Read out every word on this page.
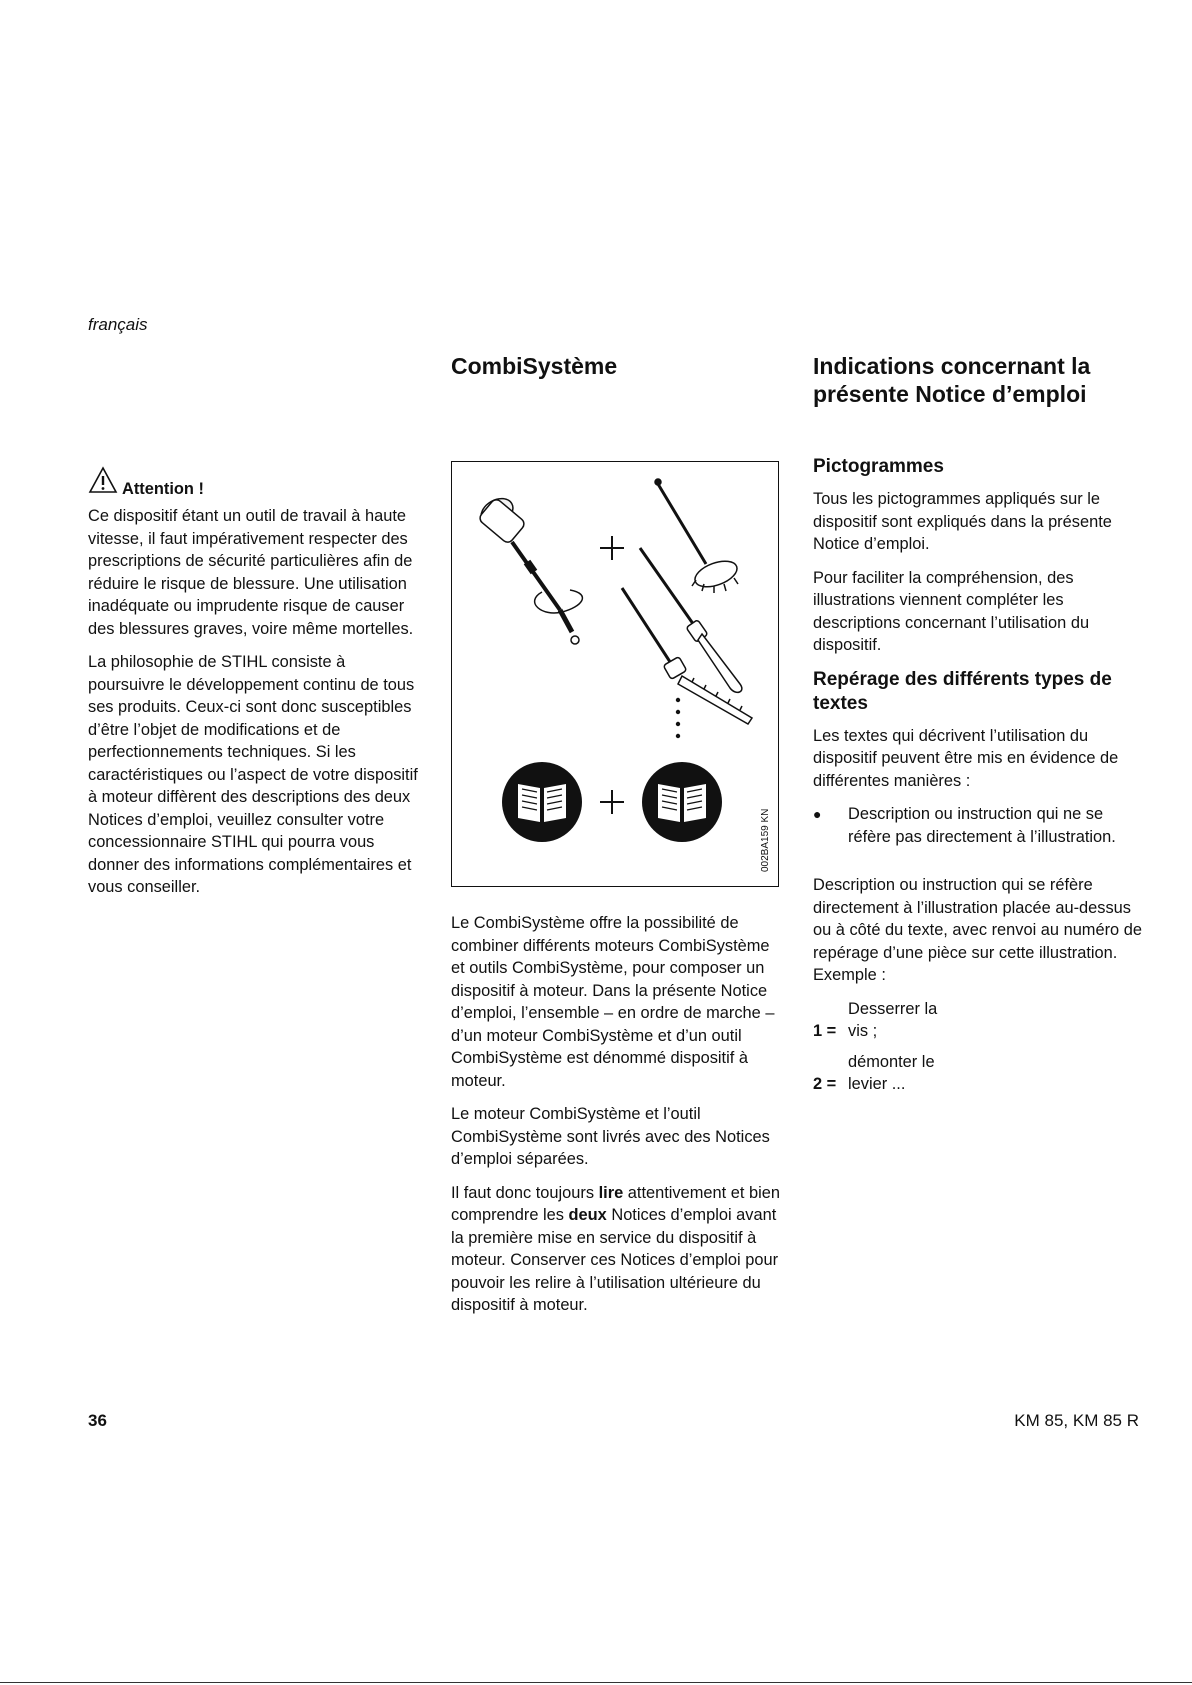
français
CombiSystème	Indications concernant la
présente Notice d’emploi
Attention !

Ce dispositif étant un outil de travail à haute vitesse, il faut impérativement respecter des prescriptions de sécurité particulières afin de réduire le risque de blessure. Une utilisation inadéquate ou imprudente risque de causer des blessures graves, voire même mortelles.

La philosophie de STIHL consiste à poursuivre le développement continu de tous ses produits. Ceux-ci sont donc susceptibles d’être l’objet de modifications et de perfectionnements techniques. Si les caractéristiques ou l’aspect de votre dispositif à moteur diffèrent des descriptions des deux Notices d’emploi, veuillez consulter votre concessionnaire STIHL qui pourra vous donner des informations complémentaires et vous conseiller.

002BA159 KN

Le CombiSystème offre la possibilité de combiner différents moteurs CombiSystème et outils CombiSystème, pour composer un dispositif à moteur. Dans la présente Notice d’emploi, l’ensemble – en ordre de marche – d’un moteur CombiSystème et d’un outil CombiSystème est dénommé dispositif à moteur.

Le moteur CombiSystème et l’outil CombiSystème sont livrés avec des Notices d’emploi séparées.

Il faut donc toujours lire attentivement et bien comprendre les deux Notices d’emploi avant la première mise en service du dispositif à moteur. Conserver ces Notices d’emploi pour pouvoir les relire à l’utilisation ultérieure du dispositif à moteur.

Pictogrammes

Tous les pictogrammes appliqués sur le dispositif sont expliqués dans la présente Notice d’emploi.

Pour faciliter la compréhension, des illustrations viennent compléter les descriptions concernant l’utilisation du dispositif.

Repérage des différents types de textes

Les textes qui décrivent l’utilisation du dispositif peuvent être mis en évidence de différentes manières :

●	Description ou instruction qui ne se réfère pas directement à l’illustration.

Description ou instruction qui se réfère directement à l’illustration placée au-dessus ou à côté du texte, avec renvoi au numéro de repérage d’une pièce sur cette illustration.

Exemple :

1 =
Desserrer la vis ;
2 =
démonter le levier ...
36	KM 85, KM 85 R
